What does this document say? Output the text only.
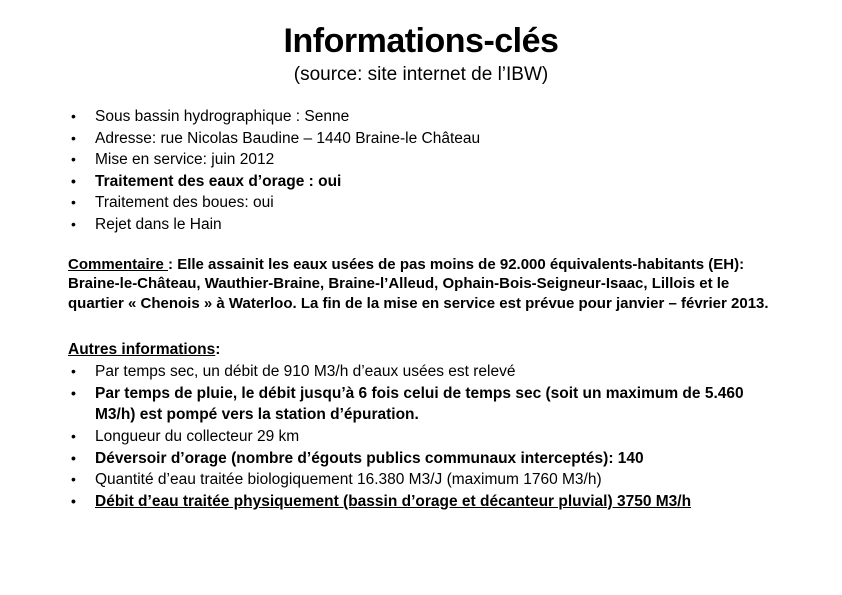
Informations-clés
(source: site internet de l’IBW)
• Sous bassin hydrographique : Senne
• Adresse: rue Nicolas Baudine – 1440 Braine-le Château
• Mise en service: juin 2012
• Traitement des eaux d’orage : oui
• Traitement des boues: oui
• Rejet dans le Hain

Commentaire : Elle assainit les eaux usées de pas moins de 92.000 équivalents-habitants (EH): Braine-le-Château, Wauthier-Braine, Braine-l’Alleud, Ophain-Bois-Seigneur-Isaac, Lillois et le quartier « Chenois » à Waterloo. La fin de la mise en service est prévue pour janvier – février 2013.

Autres informations:

• Par temps sec, un débit de 910 M3/h d’eaux usées est relevé
• Par temps de pluie, le débit jusqu’à 6 fois celui de temps sec (soit un maximum de 5.460 M3/h) est pompé vers la station d’épuration.
• Longueur du collecteur 29 km
• Déversoir d’orage (nombre d’égouts publics communaux interceptés): 140
• Quantité d’eau traitée biologiquement 16.380 M3/J (maximum 1760 M3/h)
• Débit d’eau traitée physiquement (bassin d’orage et décanteur pluvial) 3750 M3/h
